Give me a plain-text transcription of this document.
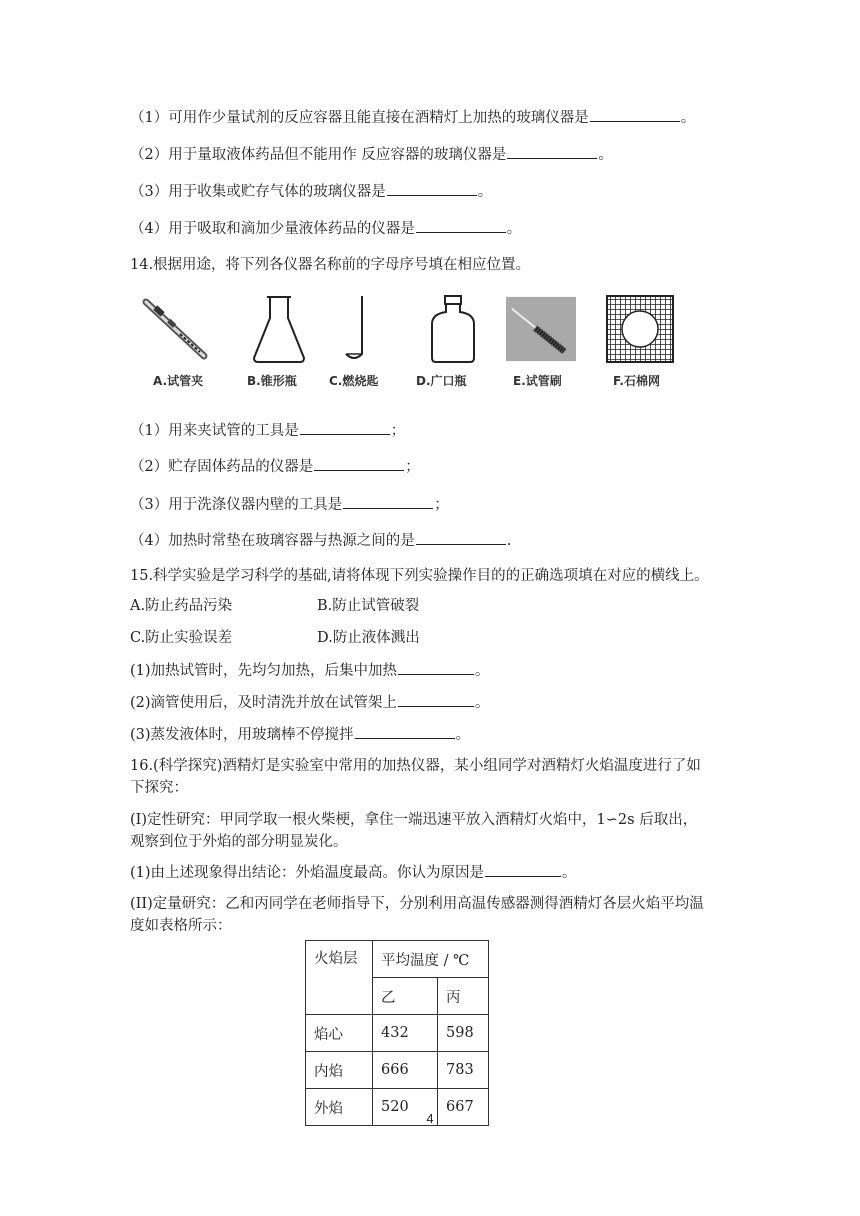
（1）可用作少量试剂的反应容器且能直接在酒精灯上加热的玻璃仪器是	。
（2）用于量取液体药品但不能用作 反应容器的玻璃仪器是	。
（3）用于收集或贮存气体的玻璃仪器是	。
（4）用于吸取和滴加少量液体药品的仪器是	。
14.根据用途，将下列各仪器名称前的字母序号填在相应位置。
A.试管夹	B.锥形瓶	C.燃烧匙	D.广口瓶	E.试管刷	F.石棉网
（1）用来夹试管的工具是	；
（2）贮存固体药品的仪器是	；
（3）用于洗涤仪器内壁的工具是	；
（4）加热时常垫在玻璃容器与热源之间的是	.
15.科学实验是学习科学的基础,请将体现下列实验操作目的的正确选项填在对应的横线上。
A.防止药品污染	B.防止试管破裂
C.防止实验误差	D.防止液体溅出
(1)加热试管时，先均匀加热，后集中加热	。
(2)滴管使用后，及时清洗并放在试管架上	。
(3)蒸发液体时，用玻璃棒不停搅拌	。
16.(科学探究)酒精灯是实验室中常用的加热仪器，某小组同学对酒精灯火焰温度进行了如
下探究：
(I)定性研究：甲同学取一根火柴梗，拿住一端迅速平放入酒精灯火焰中，1∽2s 后取出，
观察到位于外焰的部分明显炭化。
(1)由上述现象得出结论：外焰温度最高。你认为原因是	。
(II)定量研究：乙和丙同学在老师指导下，分别利用高温传感器测得酒精灯各层火焰平均温
度如表格所示：
火焰层	平均温度 / ℃	
	乙	丙
焰心	432	598
内焰	666	783
外焰	520	667
4
